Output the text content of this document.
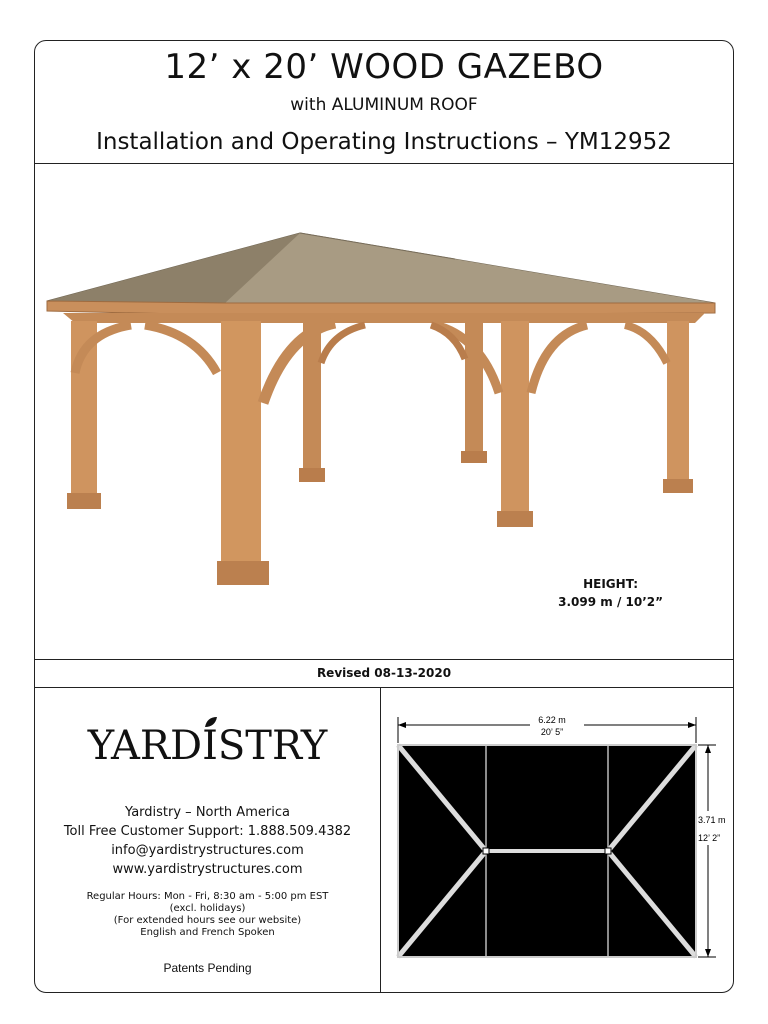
12’ x 20’ WOOD GAZEBO
with ALUMINUM ROOF
Installation and Operating Instructions – YM12952
HEIGHT:
3.099 m / 10’2”
Revised 08-13-2020
YARDISTRY
Yardistry – North America
Toll Free Customer Support: 1.888.509.4382
info@yardistrystructures.com
www.yardistrystructures.com
Regular Hours: Mon - Fri, 8:30 am - 5:00 pm EST
(excl. holidays)
(For extended hours see our website)
English and French Spoken
Patents Pending
6.22 m
20’ 5”
3.71 m
12’ 2”
